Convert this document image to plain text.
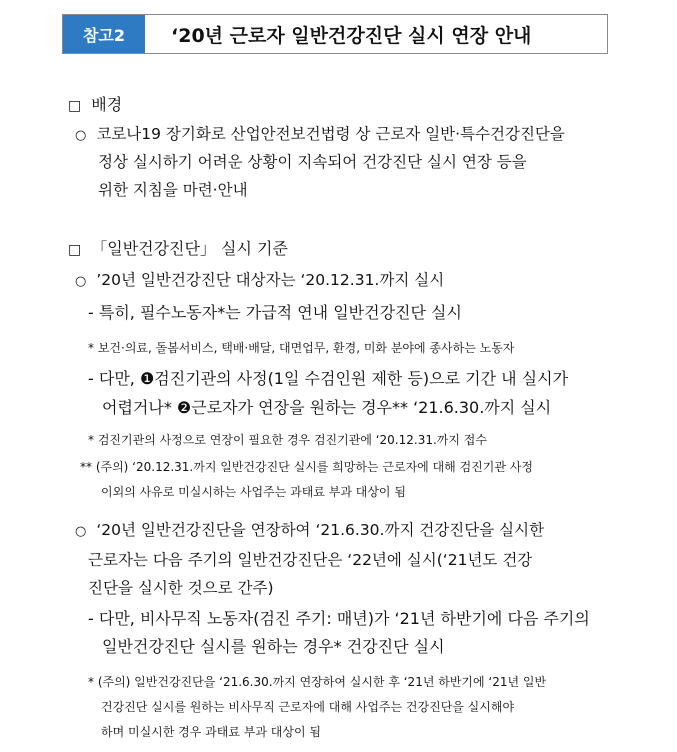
참고2	‘20년 근로자 일반건강진단 실시 연장 안내
□ 배경
○ 코로나19 장기화로 산업안전보건법령 상 근로자 일반·특수건강진단을
정상 실시하기 어려운 상황이 지속되어 건강진단 실시 연장 등을
위한 지침을 마련·안내
□ 「일반건강진단」 실시 기준
○ ’20년 일반건강진단 대상자는 ‘20.12.31.까지 실시
- 특히, 필수노동자*는 가급적 연내 일반건강진단 실시
* 보건·의료, 돌봄서비스, 택배·배달, 대면업무, 환경, 미화 분야에 종사하는 노동자
- 다만, ❶검진기관의 사정(1일 수검인원 제한 등)으로 기간 내 실시가
어렵거나* ❷근로자가 연장을 원하는 경우** ‘21.6.30.까지 실시
* 검진기관의 사정으로 연장이 필요한 경우 검진기관에 ‘20.12.31.까지 접수
** (주의) ‘20.12.31.까지 일반건강진단 실시를 희망하는 근로자에 대해 검진기관 사정
이외의 사유로 미실시하는 사업주는 과태료 부과 대상이 됨
○ ‘20년 일반건강진단을 연장하여 ‘21.6.30.까지 건강진단을 실시한
근로자는 다음 주기의 일반건강진단은 ‘22년에 실시(‘21년도 건강
진단을 실시한 것으로 간주)
- 다만, 비사무직 노동자(검진 주기: 매년)가 ‘21년 하반기에 다음 주기의
일반건강진단 실시를 원하는 경우* 건강진단 실시
* (주의) 일반건강진단을 ‘21.6.30.까지 연장하여 실시한 후 ‘21년 하반기에 ‘21년 일반
건강진단 실시를 원하는 비사무직 근로자에 대해 사업주는 건강진단을 실시해야
하며 미실시한 경우 과태료 부과 대상이 됨
